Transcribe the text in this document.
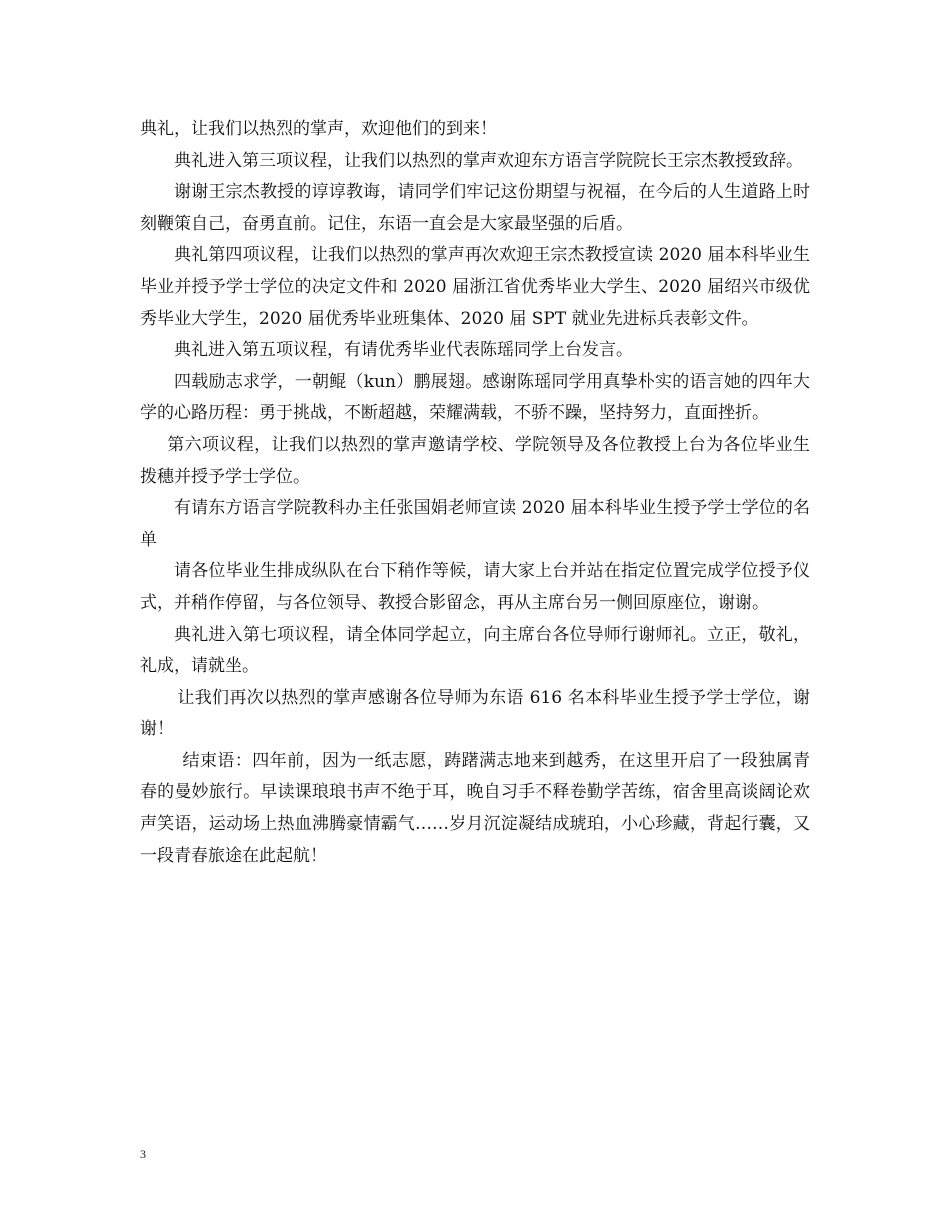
典礼，让我们以热烈的掌声，欢迎他们的到来！

典礼进入第三项议程，让我们以热烈的掌声欢迎东方语言学院院长王宗杰教授致辞。

谢谢王宗杰教授的谆谆教诲，请同学们牢记这份期望与祝福，在今后的人生道路上时刻鞭策自己，奋勇直前。记住，东语一直会是大家最坚强的后盾。

典礼第四项议程，让我们以热烈的掌声再次欢迎王宗杰教授宣读 2020 届本科毕业生毕业并授予学士学位的决定文件和 2020 届浙江省优秀毕业大学生、2020 届绍兴市级优秀毕业大学生，2020 届优秀毕业班集体、2020 届 SPT 就业先进标兵表彰文件。

典礼进入第五项议程，有请优秀毕业代表陈瑶同学上台发言。

四载励志求学，一朝鲲（kun）鹏展翅。感谢陈瑶同学用真挚朴实的语言她的四年大学的心路历程：勇于挑战，不断超越，荣耀满载，不骄不躁，坚持努力，直面挫折。

第六项议程，让我们以热烈的掌声邀请学校、学院领导及各位教授上台为各位毕业生拨穗并授予学士学位。

有请东方语言学院教科办主任张国娟老师宣读 2020 届本科毕业生授予学士学位的名单

请各位毕业生排成纵队在台下稍作等候，请大家上台并站在指定位置完成学位授予仪式，并稍作停留，与各位领导、教授合影留念，再从主席台另一侧回原座位，谢谢。

典礼进入第七项议程，请全体同学起立，向主席台各位导师行谢师礼。立正，敬礼，礼成，请就坐。

让我们再次以热烈的掌声感谢各位导师为东语 616 名本科毕业生授予学士学位，谢谢！

结束语：四年前，因为一纸志愿，踌躇满志地来到越秀，在这里开启了一段独属青春的曼妙旅行。早读课琅琅书声不绝于耳，晚自习手不释卷勤学苦练，宿舍里高谈阔论欢声笑语，运动场上热血沸腾豪情霸气……岁月沉淀凝结成琥珀，小心珍藏，背起行囊，又一段青春旅途在此起航！

3
